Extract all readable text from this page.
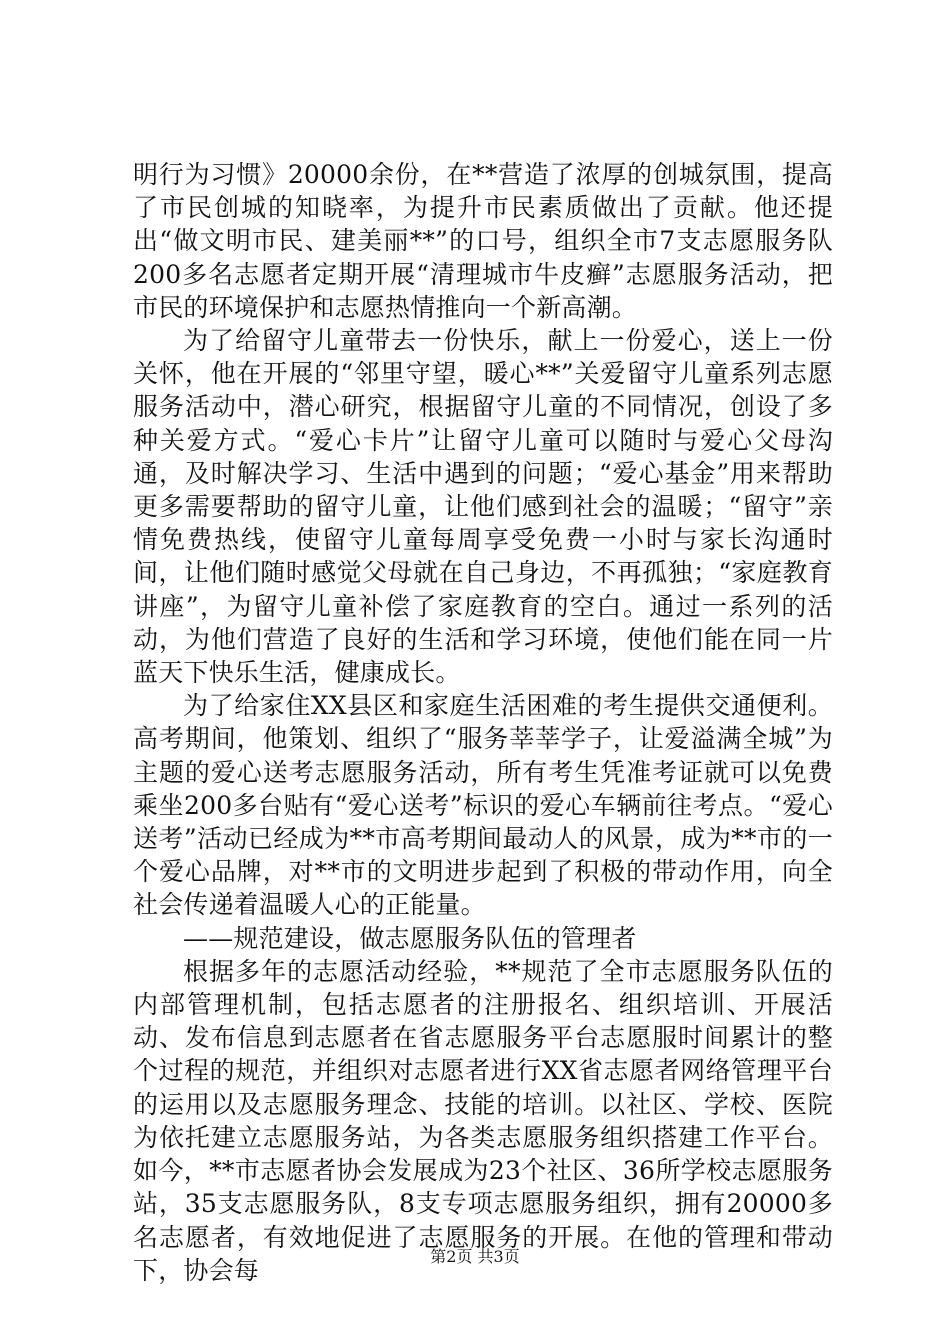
明行为习惯》20000余份，在**营造了浓厚的创城氛围，提高了市民创城的知晓率，为提升市民素质做出了贡献。他还提出“做文明市民、建美丽**”的口号，组织全市7支志愿服务队200多名志愿者定期开展“清理城市牛皮癣”志愿服务活动，把市民的环境保护和志愿热情推向一个新高潮。

为了给留守儿童带去一份快乐，献上一份爱心，送上一份关怀，他在开展的“邻里守望，暖心**”关爱留守儿童系列志愿服务活动中，潜心研究，根据留守儿童的不同情况，创设了多种关爱方式。“爱心卡片”让留守儿童可以随时与爱心父母沟通，及时解决学习、生活中遇到的问题；“爱心基金”用来帮助更多需要帮助的留守儿童，让他们感到社会的温暖；“留守”亲情免费热线，使留守儿童每周享受免费一小时与家长沟通时间，让他们随时感觉父母就在自己身边，不再孤独；“家庭教育讲座”，为留守儿童补偿了家庭教育的空白。通过一系列的活动，为他们营造了良好的生活和学习环境，使他们能在同一片蓝天下快乐生活，健康成长。

为了给家住XX县区和家庭生活困难的考生提供交通便利。高考期间，他策划、组织了“服务莘莘学子，让爱溢满全城”为主题的爱心送考志愿服务活动，所有考生凭准考证就可以免费乘坐200多台贴有“爱心送考”标识的爱心车辆前往考点。“爱心送考”活动已经成为**市高考期间最动人的风景，成为**市的一个爱心品牌，对**市的文明进步起到了积极的带动作用，向全社会传递着温暖人心的正能量。

——规范建设，做志愿服务队伍的管理者

根据多年的志愿活动经验，**规范了全市志愿服务队伍的内部管理机制，包括志愿者的注册报名、组织培训、开展活动、发布信息到志愿者在省志愿服务平台志愿服时间累计的整个过程的规范，并组织对志愿者进行XX省志愿者网络管理平台的运用以及志愿服务理念、技能的培训。以社区、学校、医院为依托建立志愿服务站，为各类志愿服务组织搭建工作平台。如今，**市志愿者协会发展成为23个社区、36所学校志愿服务站，35支志愿服务队，8支专项志愿服务组织，拥有20000多名志愿者，有效地促进了志愿服务的开展。在他的管理和带动下，协会每	第2页 共3页
